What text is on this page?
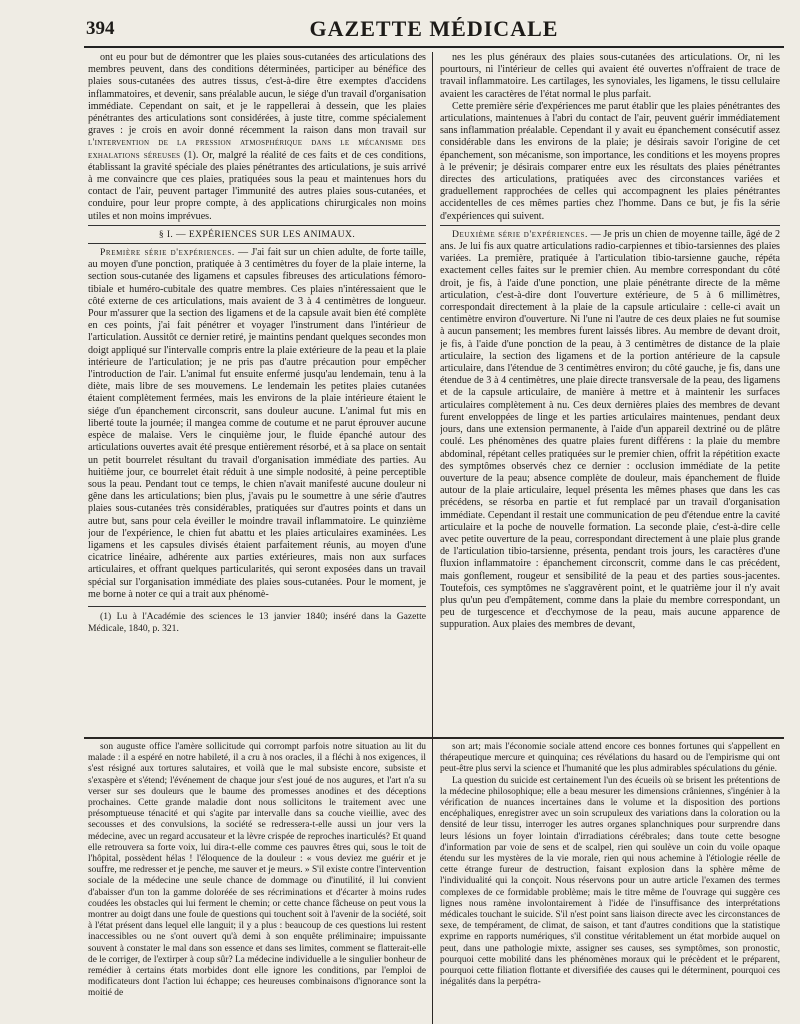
394	GAZETTE MÉDICALE

ont eu pour but de démontrer que les plaies sous-cutanées des articulations des membres peuvent, dans des conditions déterminées, participer au bénéfice des plaies sous-cutanées des autres tissus, c'est-à-dire être exemptes d'accidens inflammatoires, et devenir, sans préalable aucun, le siége d'un travail d'organisation immédiate. Cependant on sait, et je le rappellerai à dessein, que les plaies pénétrantes des articulations sont considérées, à juste titre, comme spécialement graves : je crois en avoir donné récemment la raison dans mon travail sur l'intervention de la pression atmosphérique dans le mécanisme des exhalations séreuses (1). Or, malgré la réalité de ces faits et de ces conditions, établissant la gravité spéciale des plaies pénétrantes des articulations, je suis arrivé à me convaincre que ces plaies, pratiquées sous la peau et maintenues hors du contact de l'air, peuvent partager l'immunité des autres plaies sous-cutanées, et conduire, pour leur propre compte, à des applications chirurgicales non moins utiles et non moins imprévues.

§ I. — EXPÉRIENCES SUR LES ANIMAUX.

Première série d'expériences. — J'ai fait sur un chien adulte, de forte taille, au moyen d'une ponction, pratiquée à 3 centimètres du foyer de la plaie interne, la section sous-cutanée des ligamens et capsules fibreuses des articulations fémoro-tibiale et huméro-cubitale des quatre membres. Ces plaies n'intéressaient que le côté externe de ces articulations, mais avaient de 3 à 4 centimètres de longueur. Pour m'assurer que la section des ligamens et de la capsule avait bien été complète en ces points, j'ai fait pénétrer et voyager l'instrument dans l'intérieur de l'articulation. Aussitôt ce dernier retiré, je maintins pendant quelques secondes mon doigt appliqué sur l'intervalle compris entre la plaie extérieure de la peau et la plaie intérieure de l'articulation; je ne pris pas d'autre précaution pour empêcher l'introduction de l'air. L'animal fut ensuite enfermé jusqu'au lendemain, tenu à la diète, mais libre de ses mouvemens. Le lendemain les petites plaies cutanées étaient complètement fermées, mais les environs de la plaie intérieure étaient le siége d'un épanchement circonscrit, sans douleur aucune. L'animal fut mis en liberté toute la journée; il mangea comme de coutume et ne parut éprouver aucune espèce de malaise. Vers le cinquième jour, le fluide épanché autour des articulations ouvertes avait été presque entièrement résorbé, et à sa place on sentait un petit bourrelet résultant du travail d'organisation immédiate des parties. Au huitième jour, ce bourrelet était réduit à une simple nodosité, à peine perceptible sous la peau. Pendant tout ce temps, le chien n'avait manifesté aucune douleur ni gêne dans les articulations; bien plus, j'avais pu le soumettre à une série d'autres plaies sous-cutanées très considérables, pratiquées sur d'autres points et dans un autre but, sans pour cela éveiller le moindre travail inflammatoire. Le quinzième jour de l'expérience, le chien fut abattu et les plaies articulaires examinées. Les ligamens et les capsules divisés étaient parfaitement réunis, au moyen d'une cicatrice linéaire, adhérente aux parties extérieures, mais non aux surfaces articulaires, et offrant quelques particularités, qui seront exposées dans un travail spécial sur l'organisation immédiate des plaies sous-cutanées. Pour le moment, je me borne à noter ce qui a trait aux phénomè-

(1) Lu à l'Académie des sciences le 13 janvier 1840; inséré dans la Gazette Médicale, 1840, p. 321.

nes les plus généraux des plaies sous-cutanées des articulations. Or, ni les pourtours, ni l'intérieur de celles qui avaient été ouvertes n'offraient de trace de travail inflammatoire. Les cartilages, les synoviales, les ligamens, le tissu cellulaire avaient les caractères de l'état normal le plus parfait.

Cette première série d'expériences me parut établir que les plaies pénétrantes des articulations, maintenues à l'abri du contact de l'air, peuvent guérir immédiatement sans inflammation préalable. Cependant il y avait eu épanchement consécutif assez considérable dans les environs de la plaie; je désirais savoir l'origine de cet épanchement, son mécanisme, son importance, les conditions et les moyens propres à le prévenir; je désirais comparer entre eux les résultats des plaies pénétrantes directes des articulations, pratiquées avec des circonstances variées et graduellement rapprochées de celles qui accompagnent les plaies pénétrantes accidentelles de ces mêmes parties chez l'homme. Dans ce but, je fis la série d'expériences qui suivent.

Deuxième série d'expériences. — Je pris un chien de moyenne taille, âgé de 2 ans. Je lui fis aux quatre articulations radio-carpiennes et tibio-tarsiennes des plaies variées. La première, pratiquée à l'articulation tibio-tarsienne gauche, répéta exactement celles faites sur le premier chien. Au membre correspondant du côté droit, je fis, à l'aide d'une ponction, une plaie pénétrante directe de la même articulation, c'est-à-dire dont l'ouverture extérieure, de 5 à 6 millimètres, correspondait directement à la plaie de la capsule articulaire : celle-ci avait un centimètre environ d'ouverture. Ni l'une ni l'autre de ces deux plaies ne fut soumise à aucun pansement; les membres furent laissés libres. Au membre de devant droit, je fis, à l'aide d'une ponction de la peau, à 3 centimètres de distance de la plaie articulaire, la section des ligamens et de la portion antérieure de la capsule articulaire, dans l'étendue de 3 centimètres environ; du côté gauche, je fis, dans une étendue de 3 à 4 centimètres, une plaie directe transversale de la peau, des ligamens et de la capsule articulaire, de manière à mettre et à maintenir les surfaces articulaires complètement à nu. Ces deux dernières plaies des membres de devant furent enveloppées de linge et les parties articulaires maintenues, pendant deux jours, dans une extension permanente, à l'aide d'un appareil dextriné ou de plâtre coulé. Les phénomènes des quatre plaies furent différens : la plaie du membre abdominal, répétant celles pratiquées sur le premier chien, offrit la répétition exacte des symptômes observés chez ce dernier : occlusion immédiate de la petite ouverture de la peau; absence complète de douleur, mais épanchement de fluide autour de la plaie articulaire, lequel présenta les mêmes phases que dans les cas précédens, se résorba en partie et fut remplacé par un travail d'organisation immédiate. Cependant il restait une communication de peu d'étendue entre la cavité articulaire et la poche de nouvelle formation. La seconde plaie, c'est-à-dire celle avec petite ouverture de la peau, correspondant directement à une plaie plus grande de l'articulation tibio-tarsienne, présenta, pendant trois jours, les caractères d'une fluxion inflammatoire : épanchement circonscrit, comme dans le cas précédent, mais gonflement, rougeur et sensibilité de la peau et des parties sous-jacentes. Toutefois, ces symptômes ne s'aggravèrent point, et le quatrième jour il n'y avait plus qu'un peu d'empâtement, comme dans la plaie du membre correspondant, un peu de turgescence et d'ecchymose de la peau, mais aucune apparence de suppuration. Aux plaies des membres de devant,

son auguste office l'amère sollicitude qui corrompt parfois notre situation au lit du malade : il a espéré en notre habileté, il a cru à nos oracles, il a fléchi à nos exigences, il s'est résigné aux tortures salutaires, et voilà que le mal subsiste encore, subsiste et s'exaspère et s'étend; l'événement de chaque jour s'est joué de nos augures, et l'art n'a su verser sur ses douleurs que le baume des promesses anodines et des déceptions prochaines. Cette grande maladie dont nous sollicitons le traitement avec une présomptueuse ténacité et qui s'agite par intervalle dans sa couche vieillie, avec des secousses et des convulsions, la société se redressera-t-elle aussi un jour vers la médecine, avec un regard accusateur et la lèvre crispée de reproches inarticulés? Et quand elle retrouvera sa forte voix, lui dira-t-elle comme ces pauvres êtres qui, sous le toit de l'hôpital, possèdent hélas ! l'éloquence de la douleur : « vous deviez me guérir et je souffre, me redresser et je penche, me sauver et je meurs. » S'il existe contre l'intervention sociale de la médecine une seule chance de dommage ou d'inutilité, il lui convient d'abaisser d'un ton la gamme doloréée de ses récriminations et d'écarter à moins rudes coudées les obstacles qui lui ferment le chemin; or cette chance fâcheuse on peut vous la montrer au doigt dans une foule de questions qui touchent soit à l'avenir de la société, soit à l'état présent dans lequel elle languit; il y a plus : beaucoup de ces questions lui restent inaccessibles ou ne s'ont ouvert qu'à demi à son enquête préliminaire; impuissante souvent à constater le mal dans son essence et dans ses limites, comment se flatterait-elle de le corriger, de l'extirper à coup sûr? La médecine individuelle a le singulier bonheur de remédier à certains états morbides dont elle ignore les conditions, par l'emploi de modificateurs dont l'action lui échappe; ces heureuses combinaisons d'ignorance sont la moitié de

son art; mais l'économie sociale attend encore ces bonnes fortunes qui s'appellent en thérapeutique mercure et quinquina; ces révélations du hasard ou de l'empirisme qui ont peut-être plus servi la science et l'humanité que les plus admirables spéculations du génie.

La question du suicide est certainement l'un des écueils où se brisent les prétentions de la médecine philosophique; elle a beau mesurer les dimensions crâniennes, s'ingénier à la vérification de nuances incertaines dans le volume et la disposition des portions encéphaliques, enregistrer avec un soin scrupuleux des variations dans la coloration ou la densité de leur tissu, interroger les autres organes splanchniques pour surprendre dans leurs lésions un foyer lointain d'irradiations cérébrales; dans toute cette besogne d'information par voie de sens et de scalpel, rien qui soulève un coin du voile opaque étendu sur les mystères de la vie morale, rien qui nous achemine à l'étiologie réelle de cette étrange fureur de destruction, faisant explosion dans la sphère même de l'individualité qui la conçoit. Nous réservons pour un autre article l'examen des termes complexes de ce formidable problème; mais le titre même de l'ouvrage qui suggère ces lignes nous ramène involontairement à l'idée de l'insuffisance des interprétations médicales touchant le suicide. S'il n'est point sans liaison directe avec les circonstances de sexe, de tempérament, de climat, de saison, et tant d'autres conditions que la statistique exprime en rapports numériques, s'il constitue véritablement un état morbide auquel on peut, dans une pathologie mixte, assigner ses causes, ses symptômes, son pronostic, pourquoi cette mobilité dans les phénomènes moraux qui le précèdent et le préparent, pourquoi cette filiation flottante et diversifiée des causes qui le déterminent, pourquoi ces inégalités dans la perpétra-
